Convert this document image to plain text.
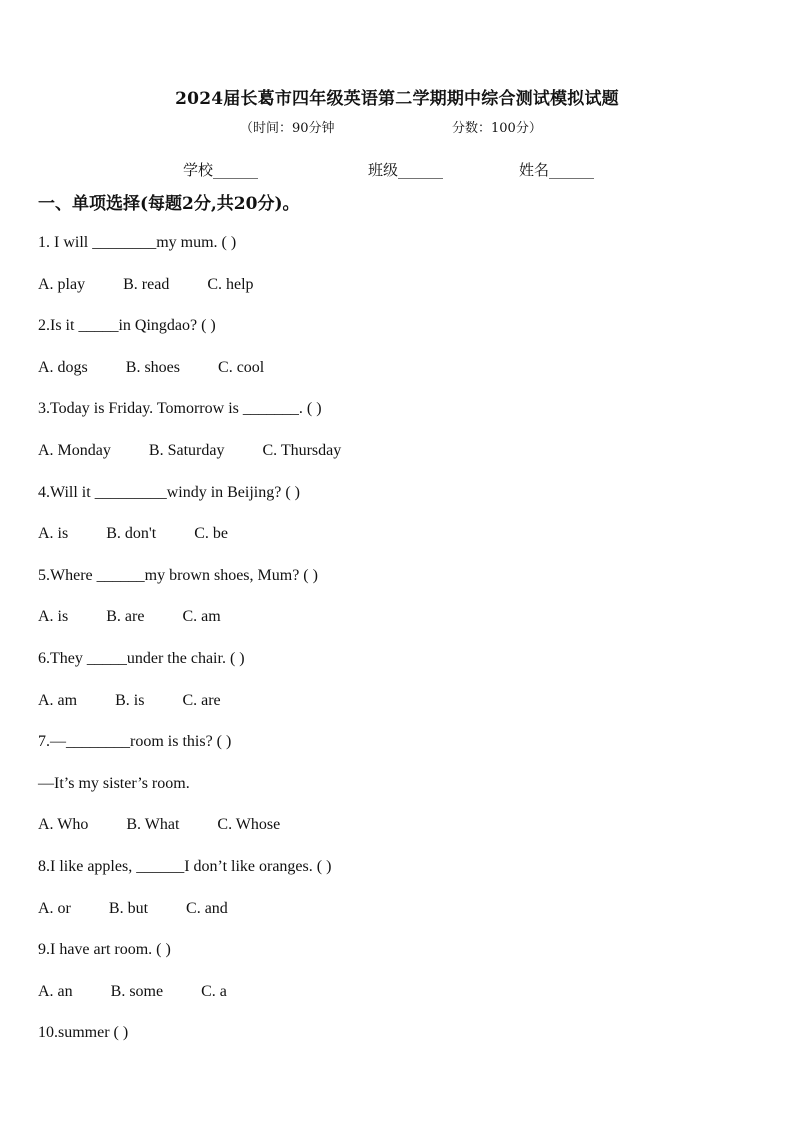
2024届长葛市四年级英语第二学期期中综合测试模拟试题
（时间：90分钟	分数：100分）
学校______	班级______	姓名______
一、单项选择(每题2分,共20分)。
1. I will ________my mum. ( )
A. play B. read C. help
2.Is it _____in Qingdao? ( )
A. dogs B. shoes C. cool
3.Today is Friday. Tomorrow is _______. ( )
A. Monday B. Saturday C. Thursday
4.Will it _________windy in Beijing? ( )
A. is B. don't C. be
5.Where ______my brown shoes, Mum? ( )
A. is B. are C. am
6.They _____under the chair. ( )
A. am B. is C. are
7.—________room is this? ( )
—It’s my sister’s room.
A. Who B. What C. Whose
8.I like apples, ______I don’t like oranges. ( )
A. or B. but C. and
9.I have art room. ( )
A. an B. some C. a
10.summer ( )
